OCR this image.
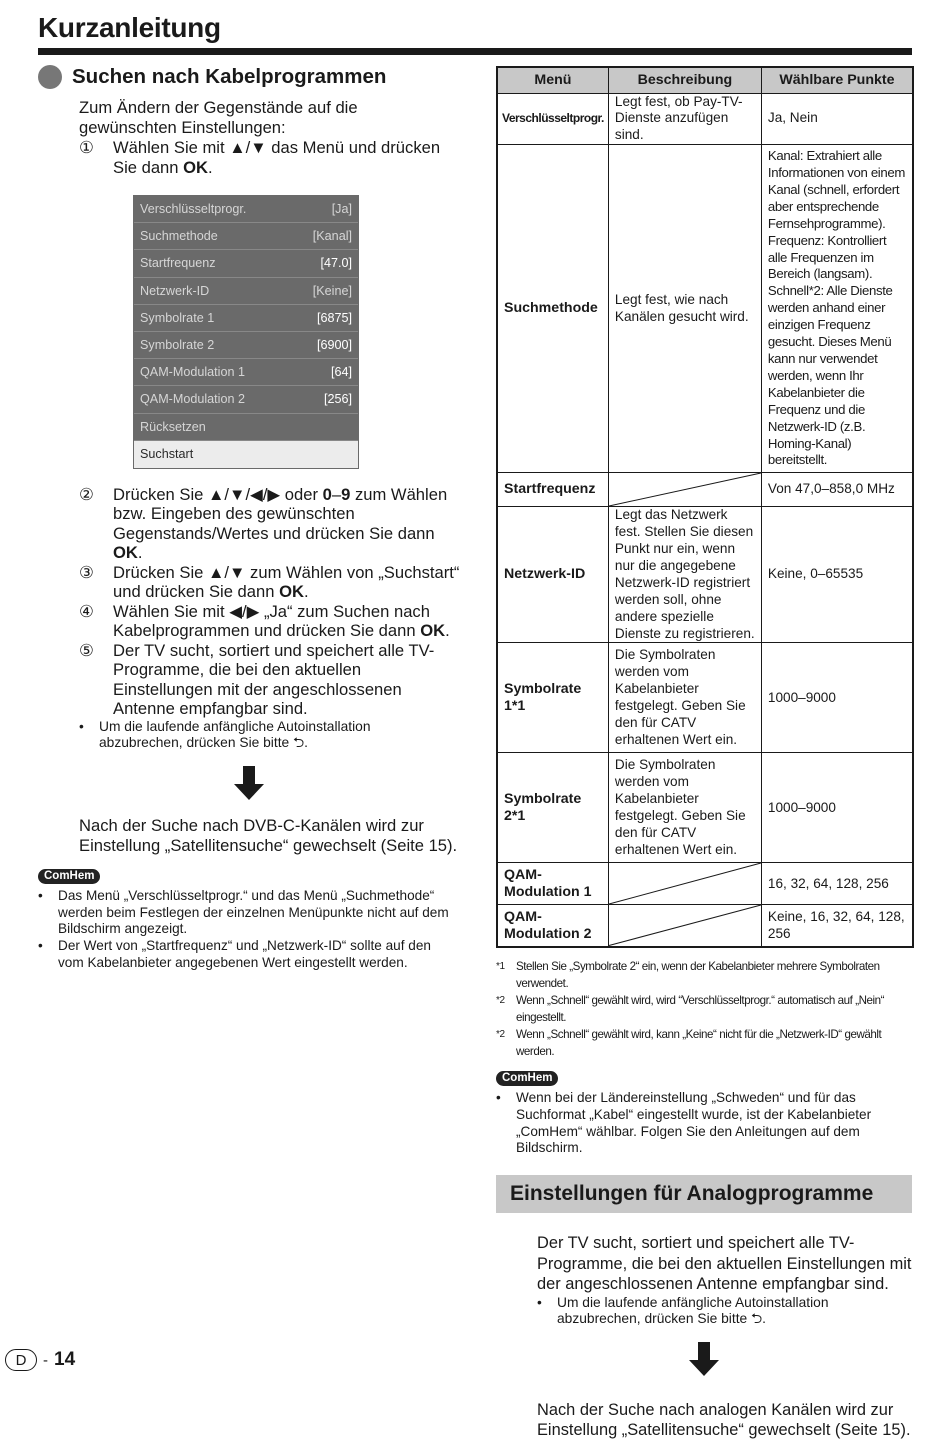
Kurzanleitung
Suchen nach Kabelprogrammen

Zum Ändern der Gegenstände auf die gewünschten Einstellungen:

①	Wählen Sie mit ▲/▼ das Menü und drücken Sie dann OK.
Verschlüsseltprogr.	[Ja]
Suchmethode	[Kanal]
Startfrequenz	[47.0]
Netzwerk-ID	[Keine]
Symbolrate 1	[6875]
Symbolrate 2	[6900]
QAM-Modulation 1	[64]
QAM-Modulation 2	[256]
Rücksetzen
Suchstart
②	Drücken Sie ▲/▼/◀/▶ oder 0–9 zum Wählen bzw. Eingeben des gewünschten Gegenstands/Wertes und drücken Sie dann OK.
③	Drücken Sie ▲/▼ zum Wählen von „Suchstart“ und drücken Sie dann OK.
④	Wählen Sie mit ◀/▶ „Ja“ zum Suchen nach Kabelprogrammen und drücken Sie dann OK.
⑤	Der TV sucht, sortiert und speichert alle TV-Programme, die bei den aktuellen Einstellungen mit der angeschlossenen Antenne empfangbar sind.
•	Um die laufende anfängliche Autoinstallation abzubrechen, drücken Sie bitte ⮌.

Nach der Suche nach DVB-C-Kanälen wird zur Einstellung „Satellitensuche“ gewechselt (Seite 15).

ComHem
•	Das Menü „Verschlüsseltprogr.“ und das Menü „Suchmethode“ werden beim Festlegen der einzelnen Menüpunkte nicht auf dem Bildschirm angezeigt.
•	Der Wert von „Startfrequenz“ und „Netzwerk-ID“ sollte auf den vom Kabelanbieter angegebenen Wert eingestellt werden.
Menü	Beschreibung	Wählbare Punkte
Verschlüsseltprogr.	Legt fest, ob Pay-TV-Dienste anzufügen sind.	Ja, Nein
Suchmethode	Legt fest, wie nach Kanälen gesucht wird.	Kanal: Extrahiert alle Informationen von einem Kanal (schnell, erfordert aber entsprechende Fernsehprogramme). Frequenz: Kontrolliert alle Frequenzen im Bereich (langsam). Schnell*2: Alle Dienste werden anhand einer einzigen Frequenz gesucht. Dieses Menü kann nur verwendet werden, wenn Ihr Kabelanbieter die Frequenz und die Netzwerk-ID (z.B. Homing-Kanal) bereitstellt.
Startfrequenz		Von 47,0–858,0 MHz
Netzwerk-ID	Legt das Netzwerk fest. Stellen Sie diesen Punkt nur ein, wenn nur die angegebene Netzwerk-ID registriert werden soll, ohne andere spezielle Dienste zu registrieren.	Keine, 0–65535
Symbolrate 1*1	Die Symbolraten werden vom Kabelanbieter festgelegt. Geben Sie den für CATV erhaltenen Wert ein.	1000–9000
Symbolrate 2*1	Die Symbolraten werden vom Kabelanbieter festgelegt. Geben Sie den für CATV erhaltenen Wert ein.	1000–9000
QAM-Modulation 1		16, 32, 64, 128, 256
QAM-Modulation 2		Keine, 16, 32, 64, 128, 256
*1 Stellen Sie „Symbolrate 2“ ein, wenn der Kabelanbieter mehrere Symbolraten verwendet.
*2 Wenn „Schnell“ gewählt wird, wird “Verschlüsseltprogr.“ automatisch auf „Nein“ eingestellt.
*2 Wenn „Schnell“ gewählt wird, kann „Keine“ nicht für die „Netzwerk-ID“ gewählt werden.
ComHem
•	Wenn bei der Ländereinstellung „Schweden“ und für das Suchformat „Kabel“ eingestellt wurde, ist der Kabelanbieter „ComHem“ wählbar. Folgen Sie den Anleitungen auf dem Bildschirm.
Einstellungen für Analogprogramme

Der TV sucht, sortiert und speichert alle TV-Programme, die bei den aktuellen Einstellungen mit der angeschlossenen Antenne empfangbar sind.

•	Um die laufende anfängliche Autoinstallation abzubrechen, drücken Sie bitte ⮌.

Nach der Suche nach analogen Kanälen wird zur Einstellung „Satellitensuche“ gewechselt (Seite 15).

D	- 14
